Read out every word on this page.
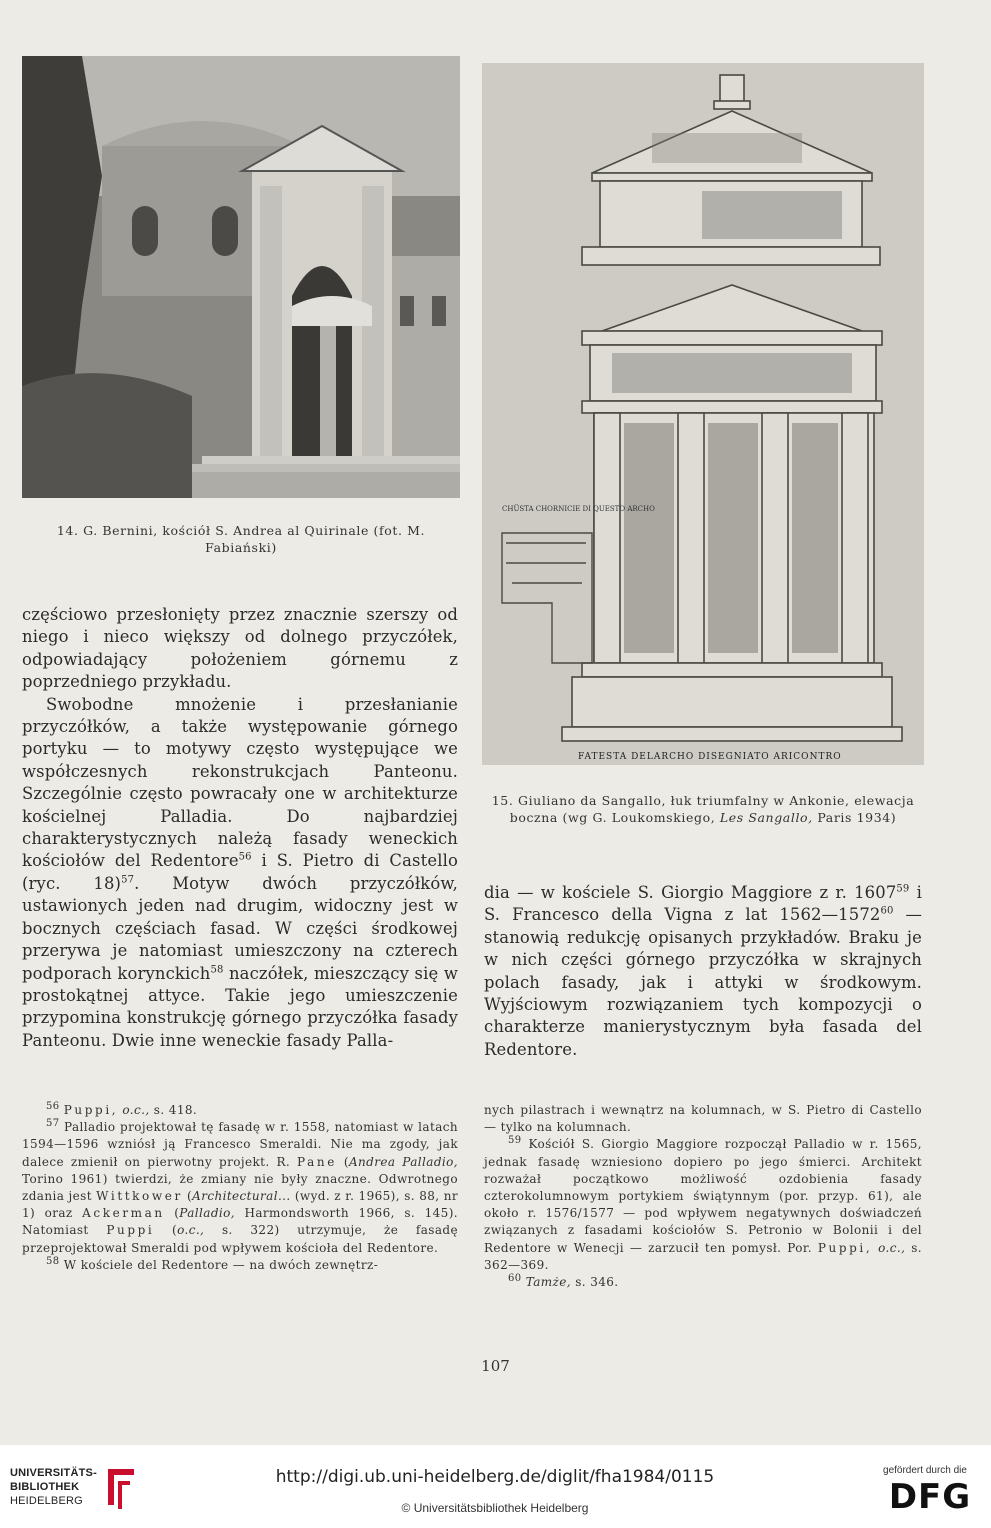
14. G. Bernini, kościół S. Andrea al Quirinale (fot. M. Fabiański)
CHÜSTA CHORNICIE DI QUESTO ARCHO
FATESTA DELARCHO DISEGNIATO ARICONTRO
15. Giuliano da Sangallo, łuk triumfalny w Ankonie, elewacja boczna (wg G. Loukomskiego, Les Sangallo, Paris 1934)

częściowo przesłonięty przez znacznie szerszy od niego i nieco większy od dolnego przyczółek, odpowiadający położeniem górnemu z poprzedniego przykładu.

Swobodne mnożenie i przesłanianie przyczółków, a także występowanie górnego portyku — to motywy często występujące we współczesnych rekonstrukcjach Panteonu. Szczególnie często powracały one w architekturze kościelnej Palladia. Do najbardziej charakterystycznych należą fasady weneckich kościołów del Redentore$^{56}$ i S. Pietro di Castello (ryc. 18)$^{57}$. Motyw dwóch przyczółków, ustawionych jeden nad drugim, widoczny jest w bocznych częściach fasad. W części środkowej przerywa je natomiast umieszczony na czterech podporach korynckich$^{58}$ naczółek, mieszczący się w prostokątnej attyce. Takie jego umieszczenie przypomina konstrukcję górnego przyczółka fasady Panteonu. Dwie inne weneckie fasady Palla-

dia — w kościele S. Giorgio Maggiore z r. 1607$^{59}$ i S. Francesco della Vigna z lat 1562—1572$^{60}$ — stanowią redukcję opisanych przykładów. Braku je w nich części górnego przyczółka w skrajnych polach fasady, jak i attyki w środkowym. Wyjściowym rozwiązaniem tych kompozycji o charakterze manierystycznym była fasada del Redentore.

$^{56}$ Puppi, o.c., s. 418.

$^{57}$ Palladio projektował tę fasadę w r. 1558, natomiast w latach 1594—1596 wzniósł ją Francesco Smeraldi. Nie ma zgody, jak dalece zmienił on pierwotny projekt. R. Pane (Andrea Palladio, Torino 1961) twierdzi, że zmiany nie były znaczne. Odwrotnego zdania jest Wittkower (Architectural... (wyd. z r. 1965), s. 88, nr 1) oraz Ackerman (Palladio, Harmondsworth 1966, s. 145). Natomiast Puppi (o.c., s. 322) utrzymuje, że fasadę przeprojektował Smeraldi pod wpływem kościoła del Redentore.

$^{58}$ W kościele del Redentore — na dwóch zewnętrz-

nych pilastrach i wewnątrz na kolumnach, w S. Pietro di Castello — tylko na kolumnach.

$^{59}$ Kościół S. Giorgio Maggiore rozpoczął Palladio w r. 1565, jednak fasadę wzniesiono dopiero po jego śmierci. Architekt rozważał początkowo możliwość ozdobienia fasady czterokolumnowym portykiem świątynnym (por. przyp. 61), ale około r. 1576/1577 — pod wpływem negatywnych doświadczeń związanych z fasadami kościołów S. Petronio w Bolonii i del Redentore w Wenecji — zarzucił ten pomysł. Por. Puppi, o.c., s. 362—369.

$^{60}$ Tamże, s. 346.

107
UNIVERSITÄTS-
BIBLIOTHEK
HEIDELBERG
http://digi.ub.uni-heidelberg.de/diglit/fha1984/0115
© Universitätsbibliothek Heidelberg
gefördert durch die
DFG
